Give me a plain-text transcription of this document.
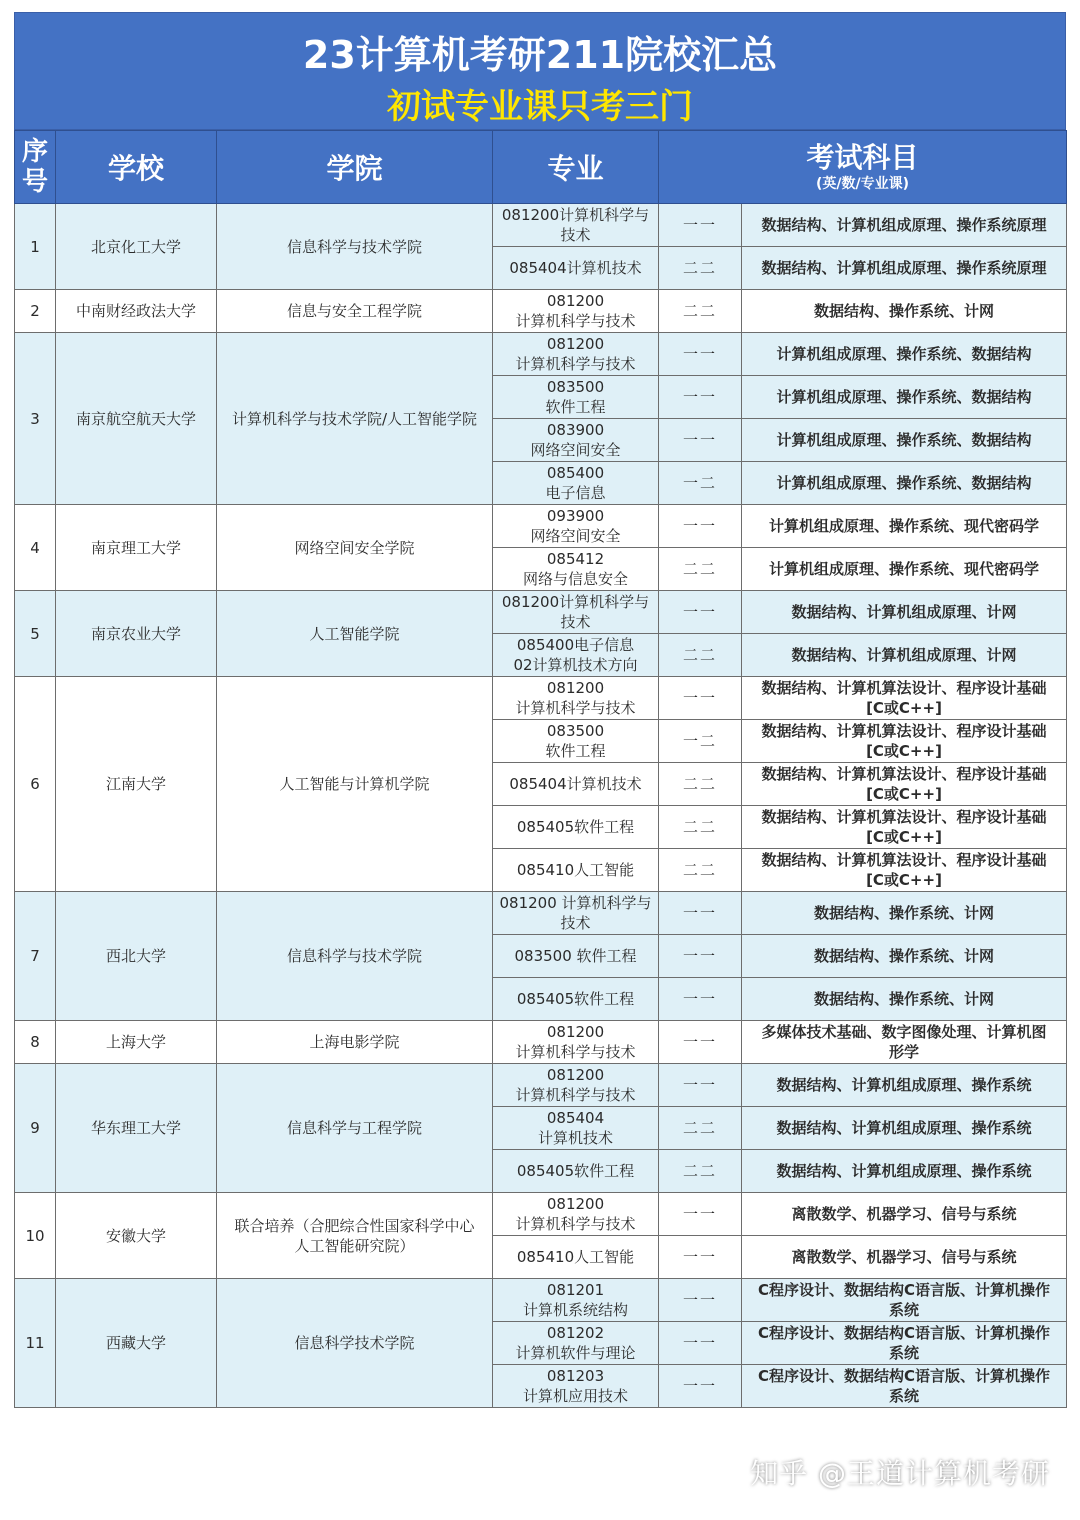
23计算机考研211院校汇总
初试专业课只考三门
序
号	学校	学院	专业	考试科目
(英/数/专业课)	

1	北京化工大学	信息科学与技术学院	081200计算机科学与
技术	一一	数据结构、计算机组成原理、操作系统原理
			085404计算机技术	二二	数据结构、计算机组成原理、操作系统原理
2	中南财经政法大学	信息与安全工程学院	081200
计算机科学与技术	二二	数据结构、操作系统、计网
3	南京航空航天大学	计算机科学与技术学院/人工智能学院	081200
计算机科学与技术	一一	计算机组成原理、操作系统、数据结构
			083500
软件工程	一一	计算机组成原理、操作系统、数据结构
			083900
网络空间安全	一一	计算机组成原理、操作系统、数据结构
			085400
电子信息	一二	计算机组成原理、操作系统、数据结构
4	南京理工大学	网络空间安全学院	093900
网络空间安全	一一	计算机组成原理、操作系统、现代密码学
			085412
网络与信息安全	二二	计算机组成原理、操作系统、现代密码学
5	南京农业大学	人工智能学院	081200计算机科学与
技术	一一	数据结构、计算机组成原理、计网
			085400电子信息
02计算机技术方向	二二	数据结构、计算机组成原理、计网
6	江南大学	人工智能与计算机学院	081200
计算机科学与技术	一一	数据结构、计算机算法设计、程序设计基础
[C或C++]
			083500
软件工程	一二	数据结构、计算机算法设计、程序设计基础
[C或C++]
			085404计算机技术	二二	数据结构、计算机算法设计、程序设计基础
[C或C++]
			085405软件工程	二二	数据结构、计算机算法设计、程序设计基础
[C或C++]
			085410人工智能	二二	数据结构、计算机算法设计、程序设计基础
[C或C++]
7	西北大学	信息科学与技术学院	081200 计算机科学与
技术	一一	数据结构、操作系统、计网
			083500 软件工程	一一	数据结构、操作系统、计网
			085405软件工程	一一	数据结构、操作系统、计网
8	上海大学	上海电影学院	081200
计算机科学与技术	一一	多媒体技术基础、数字图像处理、计算机图
形学
9	华东理工大学	信息科学与工程学院	081200
计算机科学与技术	一一	数据结构、计算机组成原理、操作系统
			085404
计算机技术	二二	数据结构、计算机组成原理、操作系统
			085405软件工程	二二	数据结构、计算机组成原理、操作系统
10	安徽大学	联合培养（合肥综合性国家科学中心
人工智能研究院）	081200
计算机科学与技术	一一	离散数学、机器学习、信号与系统
			085410人工智能	一一	离散数学、机器学习、信号与系统
11	西藏大学	信息科学技术学院	081201
计算机系统结构	一一	C程序设计、数据结构C语言版、计算机操作
系统
			081202
计算机软件与理论	一一	C程序设计、数据结构C语言版、计算机操作
系统
			081203
计算机应用技术	一一	C程序设计、数据结构C语言版、计算机操作
系统
知乎 @王道计算机考研
